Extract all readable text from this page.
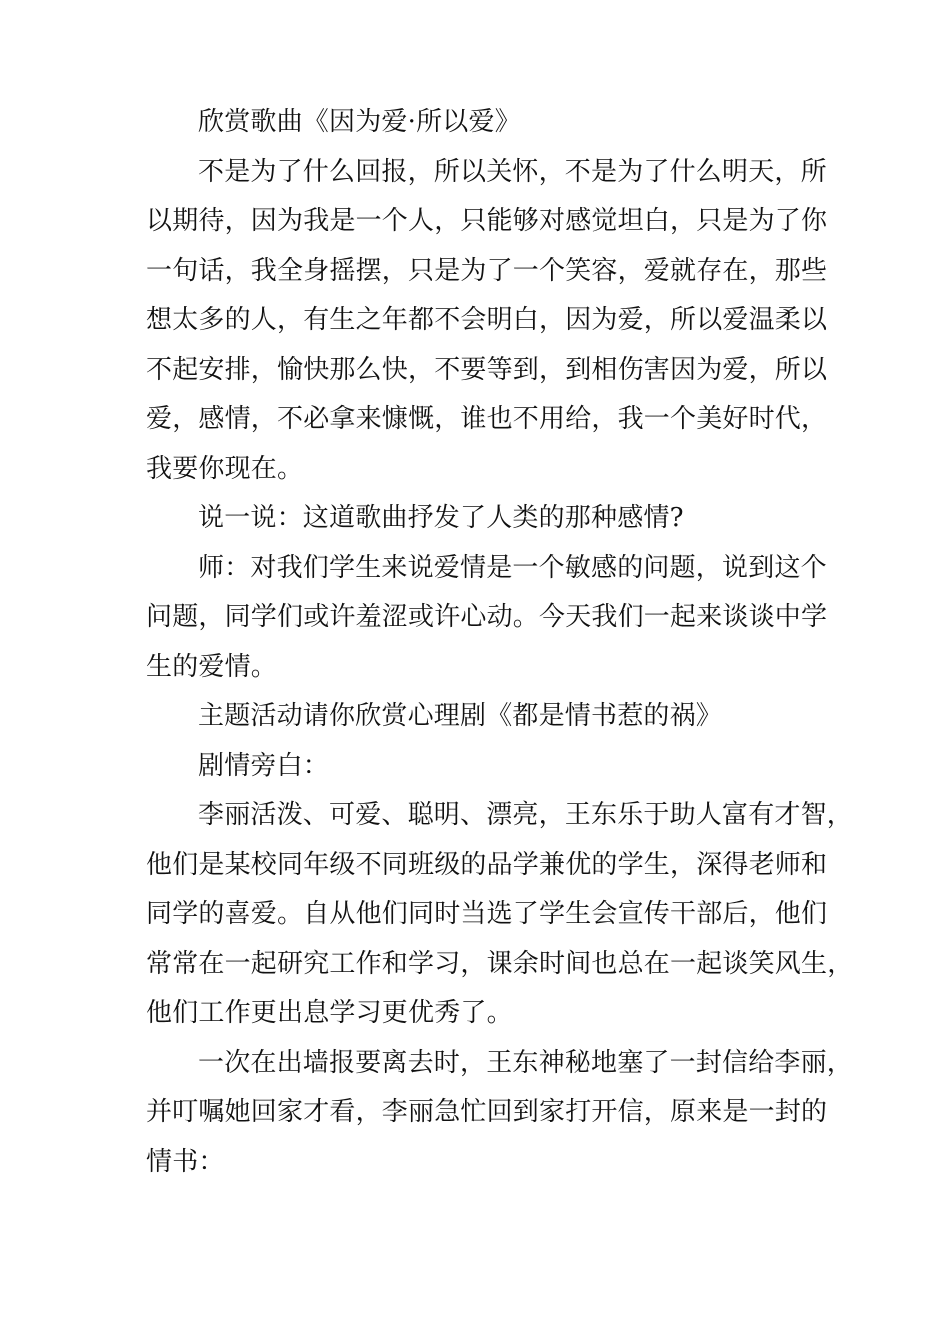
欣赏歌曲《因为爱·所以爱》
不是为了什么回报，所以关怀，不是为了什么明天，所
以期待，因为我是一个人，只能够对感觉坦白，只是为了你
一句话，我全身摇摆，只是为了一个笑容，爱就存在，那些
想太多的人，有生之年都不会明白，因为爱，所以爱温柔以
不起安排，愉快那么快，不要等到，到相伤害因为爱，所以
爱，感情，不必拿来慷慨，谁也不用给，我一个美好时代，
我要你现在。
说一说：这道歌曲抒发了人类的那种感情?
师：对我们学生来说爱情是一个敏感的问题，说到这个
问题，同学们或许羞涩或许心动。今天我们一起来谈谈中学
生的爱情。
主题活动请你欣赏心理剧《都是情书惹的祸》
剧情旁白：
李丽活泼、可爱、聪明、漂亮，王东乐于助人富有才智，
他们是某校同年级不同班级的品学兼优的学生，深得老师和
同学的喜爱。自从他们同时当选了学生会宣传干部后，他们
常常在一起研究工作和学习，课余时间也总在一起谈笑风生，
他们工作更出息学习更优秀了。
一次在出墙报要离去时，王东神秘地塞了一封信给李丽，
并叮嘱她回家才看，李丽急忙回到家打开信，原来是一封的
情书：
